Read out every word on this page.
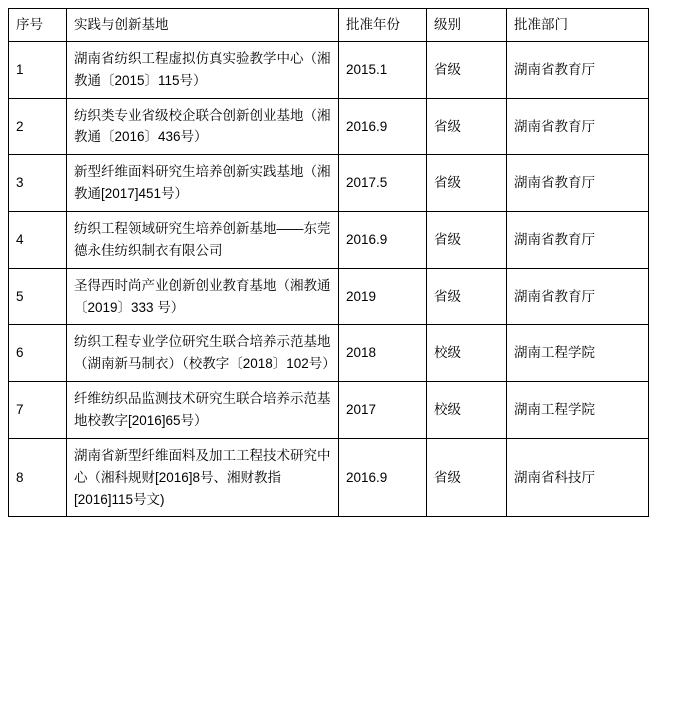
序号	实践与创新基地	批准年份	级别	批准部门
1	湖南省纺织工程虚拟仿真实验教学中心（湘教通〔2015〕115号）	2015.1	省级	湖南省教育厅
2	纺织类专业省级校企联合创新创业基地（湘教通〔2016〕436号）	2016.9	省级	湖南省教育厅
3	新型纤维面料研究生培养创新实践基地（湘教通[2017]451号）	2017.5	省级	湖南省教育厅
4	纺织工程领域研究生培养创新基地——东莞德永佳纺织制衣有限公司	2016.9	省级	湖南省教育厅
5	圣得西时尚产业创新创业教育基地（湘教通〔2019〕333 号）	2019	省级	湖南省教育厅
6	纺织工程专业学位研究生联合培养示范基地（湖南新马制衣）（校教字〔2018〕102号）	2018	校级	湖南工程学院
7	纤维纺织品监测技术研究生联合培养示范基地校教字[2016]65号）	2017	校级	湖南工程学院
8	湖南省新型纤维面料及加工工程技术研究中心（湘科规财[2016]8号、湘财教指[2016]115号文)	2016.9	省级	湖南省科技厅
